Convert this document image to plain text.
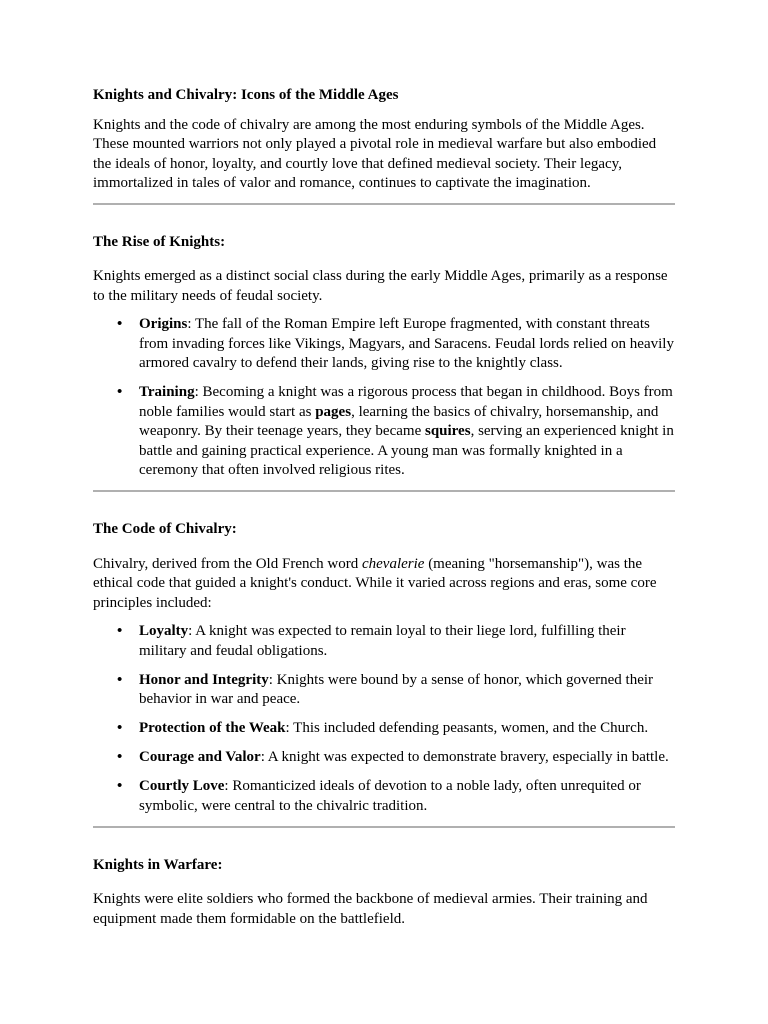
Knights and Chivalry: Icons of the Middle Ages

Knights and the code of chivalry are among the most enduring symbols of the Middle Ages. These mounted warriors not only played a pivotal role in medieval warfare but also embodied the ideals of honor, loyalty, and courtly love that defined medieval society. Their legacy, immortalized in tales of valor and romance, continues to captivate the imagination.

The Rise of Knights:

Knights emerged as a distinct social class during the early Middle Ages, primarily as a response to the military needs of feudal society.

• Origins: The fall of the Roman Empire left Europe fragmented, with constant threats from invading forces like Vikings, Magyars, and Saracens. Feudal lords relied on heavily armored cavalry to defend their lands, giving rise to the knightly class.
• Training: Becoming a knight was a rigorous process that began in childhood. Boys from noble families would start as pages, learning the basics of chivalry, horsemanship, and weaponry. By their teenage years, they became squires, serving an experienced knight in battle and gaining practical experience. A young man was formally knighted in a ceremony that often involved religious rites.
The Code of Chivalry:

Chivalry, derived from the Old French word chevalerie (meaning "horsemanship"), was the ethical code that guided a knight's conduct. While it varied across regions and eras, some core principles included:

• Loyalty: A knight was expected to remain loyal to their liege lord, fulfilling their military and feudal obligations.
• Honor and Integrity: Knights were bound by a sense of honor, which governed their behavior in war and peace.
• Protection of the Weak: This included defending peasants, women, and the Church.
• Courage and Valor: A knight was expected to demonstrate bravery, especially in battle.
• Courtly Love: Romanticized ideals of devotion to a noble lady, often unrequited or symbolic, were central to the chivalric tradition.
Knights in Warfare:

Knights were elite soldiers who formed the backbone of medieval armies. Their training and equipment made them formidable on the battlefield.
